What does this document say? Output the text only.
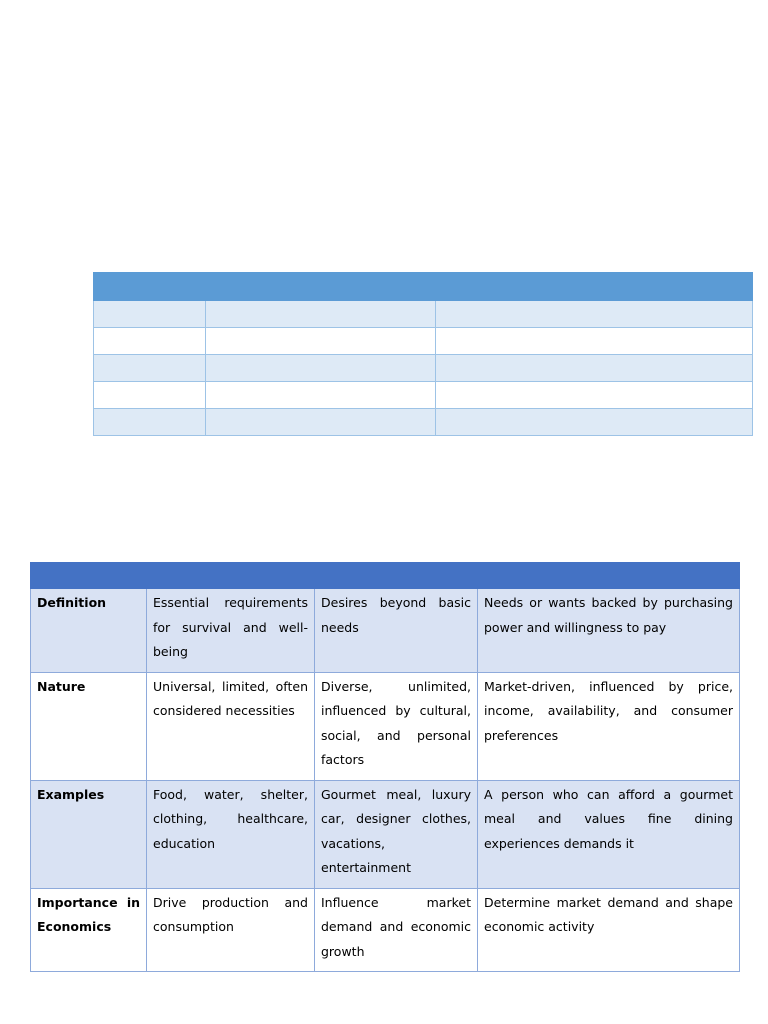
Definition	Essential requirements for survival and well-being	Desires beyond basic needs	Needs or wants backed by purchasing power and willingness to pay
Nature	Universal, limited, often considered necessities	Diverse, unlimited, influenced by cultural, social, and personal factors	Market-driven, influenced by price, income, availability, and consumer preferences
Examples	Food, water, shelter, clothing, healthcare, education	Gourmet meal, luxury car, designer clothes, vacations, entertainment	A person who can afford a gourmet meal and values fine dining experiences demands it
Importance in Economics	Drive production and consumption	Influence market demand and economic growth	Determine market demand and shape economic activity
